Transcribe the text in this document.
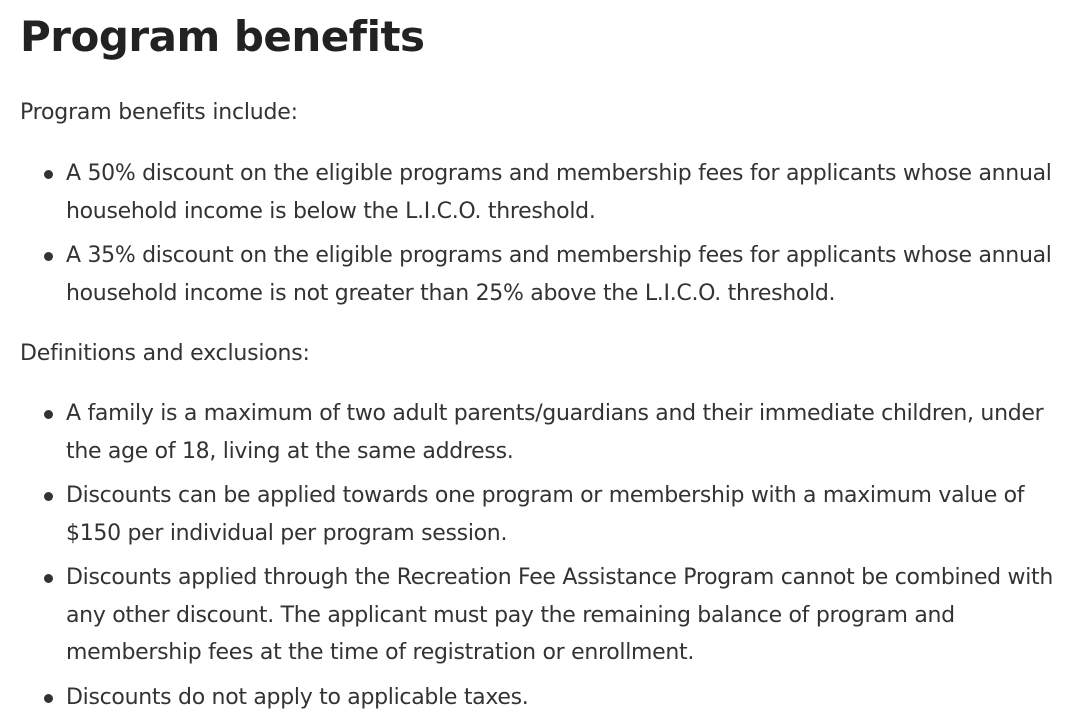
Program benefits

Program benefits include:

A 50% discount on the eligible programs and membership fees for applicants whose annual household income is below the L.I.C.O. threshold.
A 35% discount on the eligible programs and membership fees for applicants whose annual household income is not greater than 25% above the L.I.C.O. threshold.

Definitions and exclusions:

A family is a maximum of two adult parents/guardians and their immediate children, under the age of 18, living at the same address.
Discounts can be applied towards one program or membership with a maximum value of $150 per individual per program session.
Discounts applied through the Recreation Fee Assistance Program cannot be combined with any other discount. The applicant must pay the remaining balance of program and membership fees at the time of registration or enrollment.
Discounts do not apply to applicable taxes.
